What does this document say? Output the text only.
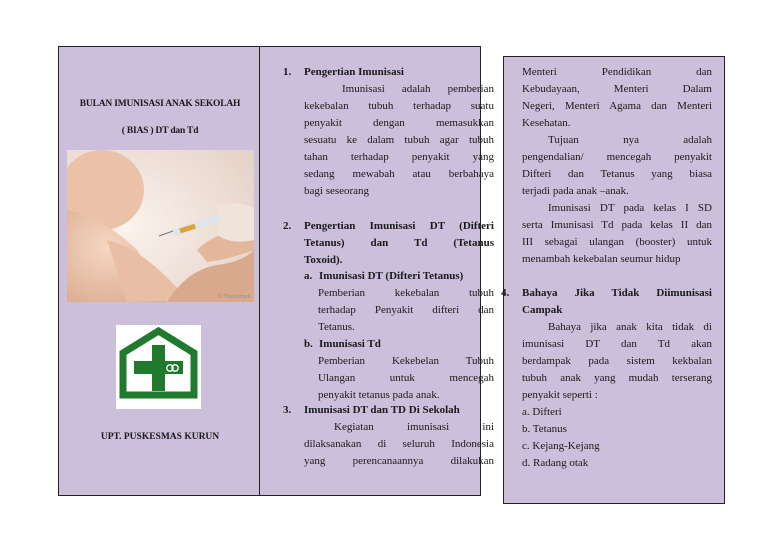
BULAN IMUNISASI ANAK SEKOLAH
( BIAS ) DT dan Td
© Thinkstock
UPT. PUSKESMAS KURUN
1. Pengertian Imunisasi
Imunisasi adalah pemberian
kekebalan tubuh terhadap suatu
penyakit dengan memasukkan
sesuatu ke dalam tubuh agar tubuh
tahan terhadap penyakit yang
sedang mewabah atau berbahaya
bagi seseorang
2. Pengertian Imunisasi DT (Difteri
Tetanus) dan Td (Tetanus
Toxoid).
a. Imunisasi DT (Difteri Tetanus)
Pemberian kekebalan tubuh
terhadap Penyakit difteri dan
Tetanus.
b. Imunisasi Td
Pemberian Kekebelan Tubuh
Ulangan untuk mencegah
penyakit tetanus pada anak.
3. Imunisasi DT dan TD Di Sekolah
Kegiatan imunisasi ini
dilaksanakan di seluruh Indonesia
yang perencanaannya dilakukan
Menteri Pendidikan dan
Kebudayaan, Menteri Dalam
Negeri, Menteri Agama dan Menteri
Kesehatan.
Tujuan nya adalah
pengendalian/ mencegah penyakit
Difteri dan Tetanus yang biasa
terjadi pada anak –anak.
Imunisasi DT pada kelas I SD
serta Imunisasi Td pada kelas II dan
III sebagai ulangan (booster) untuk
menambah kekebalan seumur hidup
4. Bahaya Jika Tidak Diimunisasi
Campak
Bahaya jika anak kita tidak di
imunisasi DT dan Td akan
berdampak pada sistem kekbalan
tubuh anak yang mudah terserang
penyakit seperti :
a. Difteri
b. Tetanus
c. Kejang-Kejang
d. Radang otak
